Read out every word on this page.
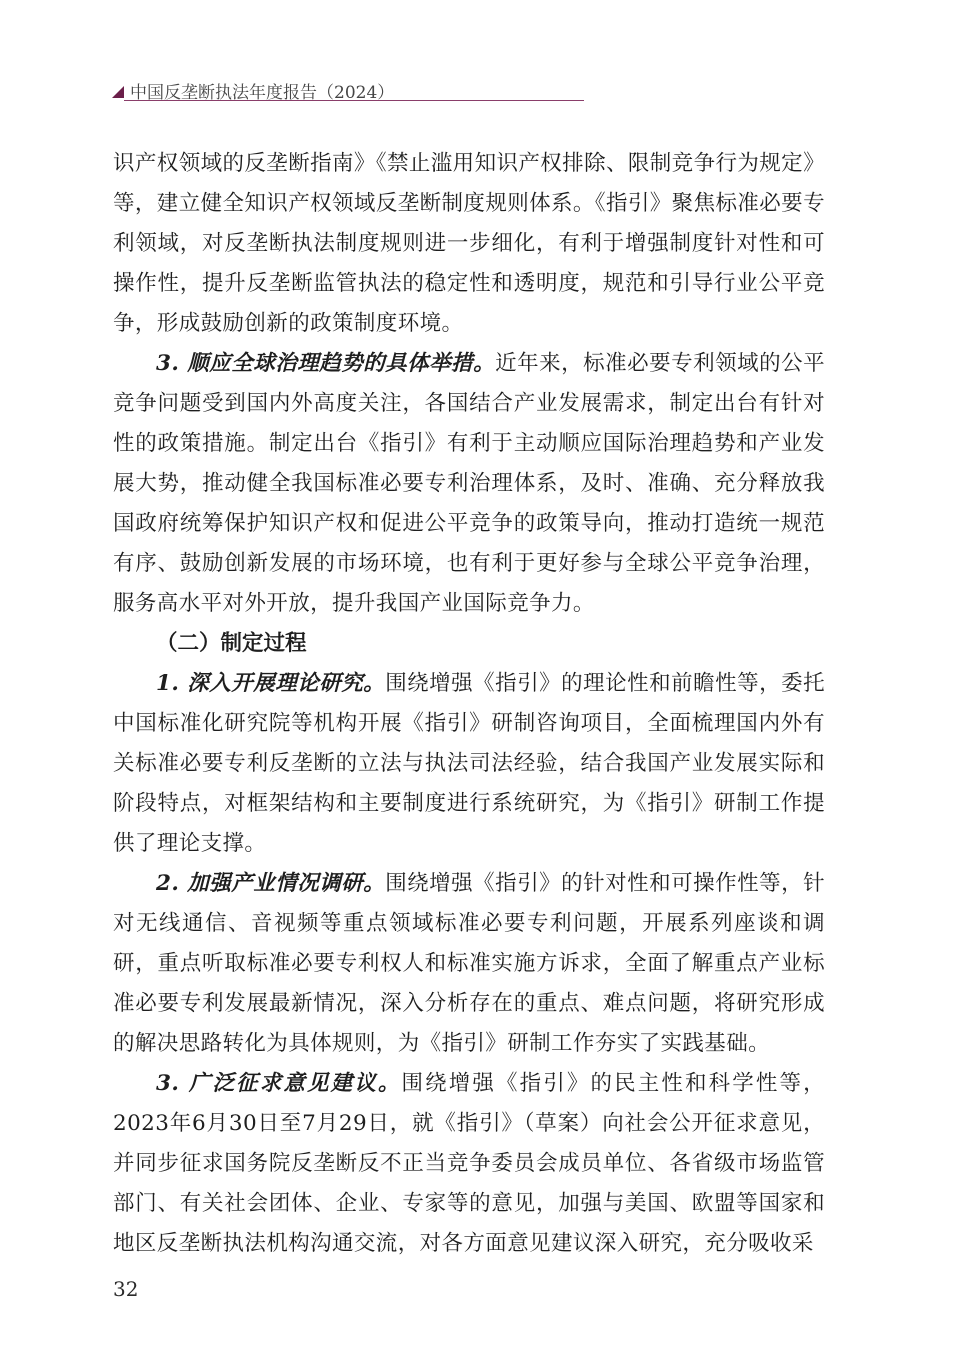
中国反垄断执法年度报告（2024）

识产权领域的反垄断指南》《禁止滥用知识产权排除、限制竞争行为规定》等，建立健全知识产权领域反垄断制度规则体系。《指引》聚焦标准必要专利领域，对反垄断执法制度规则进一步细化，有利于增强制度针对性和可操作性，提升反垄断监管执法的稳定性和透明度，规范和引导行业公平竞争，形成鼓励创新的政策制度环境。

3. 顺应全球治理趋势的具体举措。近年来，标准必要专利领域的公平竞争问题受到国内外高度关注，各国结合产业发展需求，制定出台有针对性的政策措施。制定出台《指引》有利于主动顺应国际治理趋势和产业发展大势，推动健全我国标准必要专利治理体系，及时、准确、充分释放我国政府统筹保护知识产权和促进公平竞争的政策导向，推动打造统一规范有序、鼓励创新发展的市场环境，也有利于更好参与全球公平竞争治理，服务高水平对外开放，提升我国产业国际竞争力。

（二）制定过程

1. 深入开展理论研究。围绕增强《指引》的理论性和前瞻性等，委托中国标准化研究院等机构开展《指引》研制咨询项目，全面梳理国内外有关标准必要专利反垄断的立法与执法司法经验，结合我国产业发展实际和阶段特点，对框架结构和主要制度进行系统研究，为《指引》研制工作提供了理论支撑。

2. 加强产业情况调研。围绕增强《指引》的针对性和可操作性等，针对无线通信、音视频等重点领域标准必要专利问题，开展系列座谈和调研，重点听取标准必要专利权人和标准实施方诉求，全面了解重点产业标准必要专利发展最新情况，深入分析存在的重点、难点问题，将研究形成的解决思路转化为具体规则，为《指引》研制工作夯实了实践基础。

3. 广泛征求意见建议。围绕增强《指引》的民主性和科学性等，2023年6月30日至7月29日，就《指引》（草案）向社会公开征求意见，并同步征求国务院反垄断反不正当竞争委员会成员单位、各省级市场监管部门、有关社会团体、企业、专家等的意见，加强与美国、欧盟等国家和地区反垄断执法机构沟通交流，对各方面意见建议深入研究，充分吸收采

32
